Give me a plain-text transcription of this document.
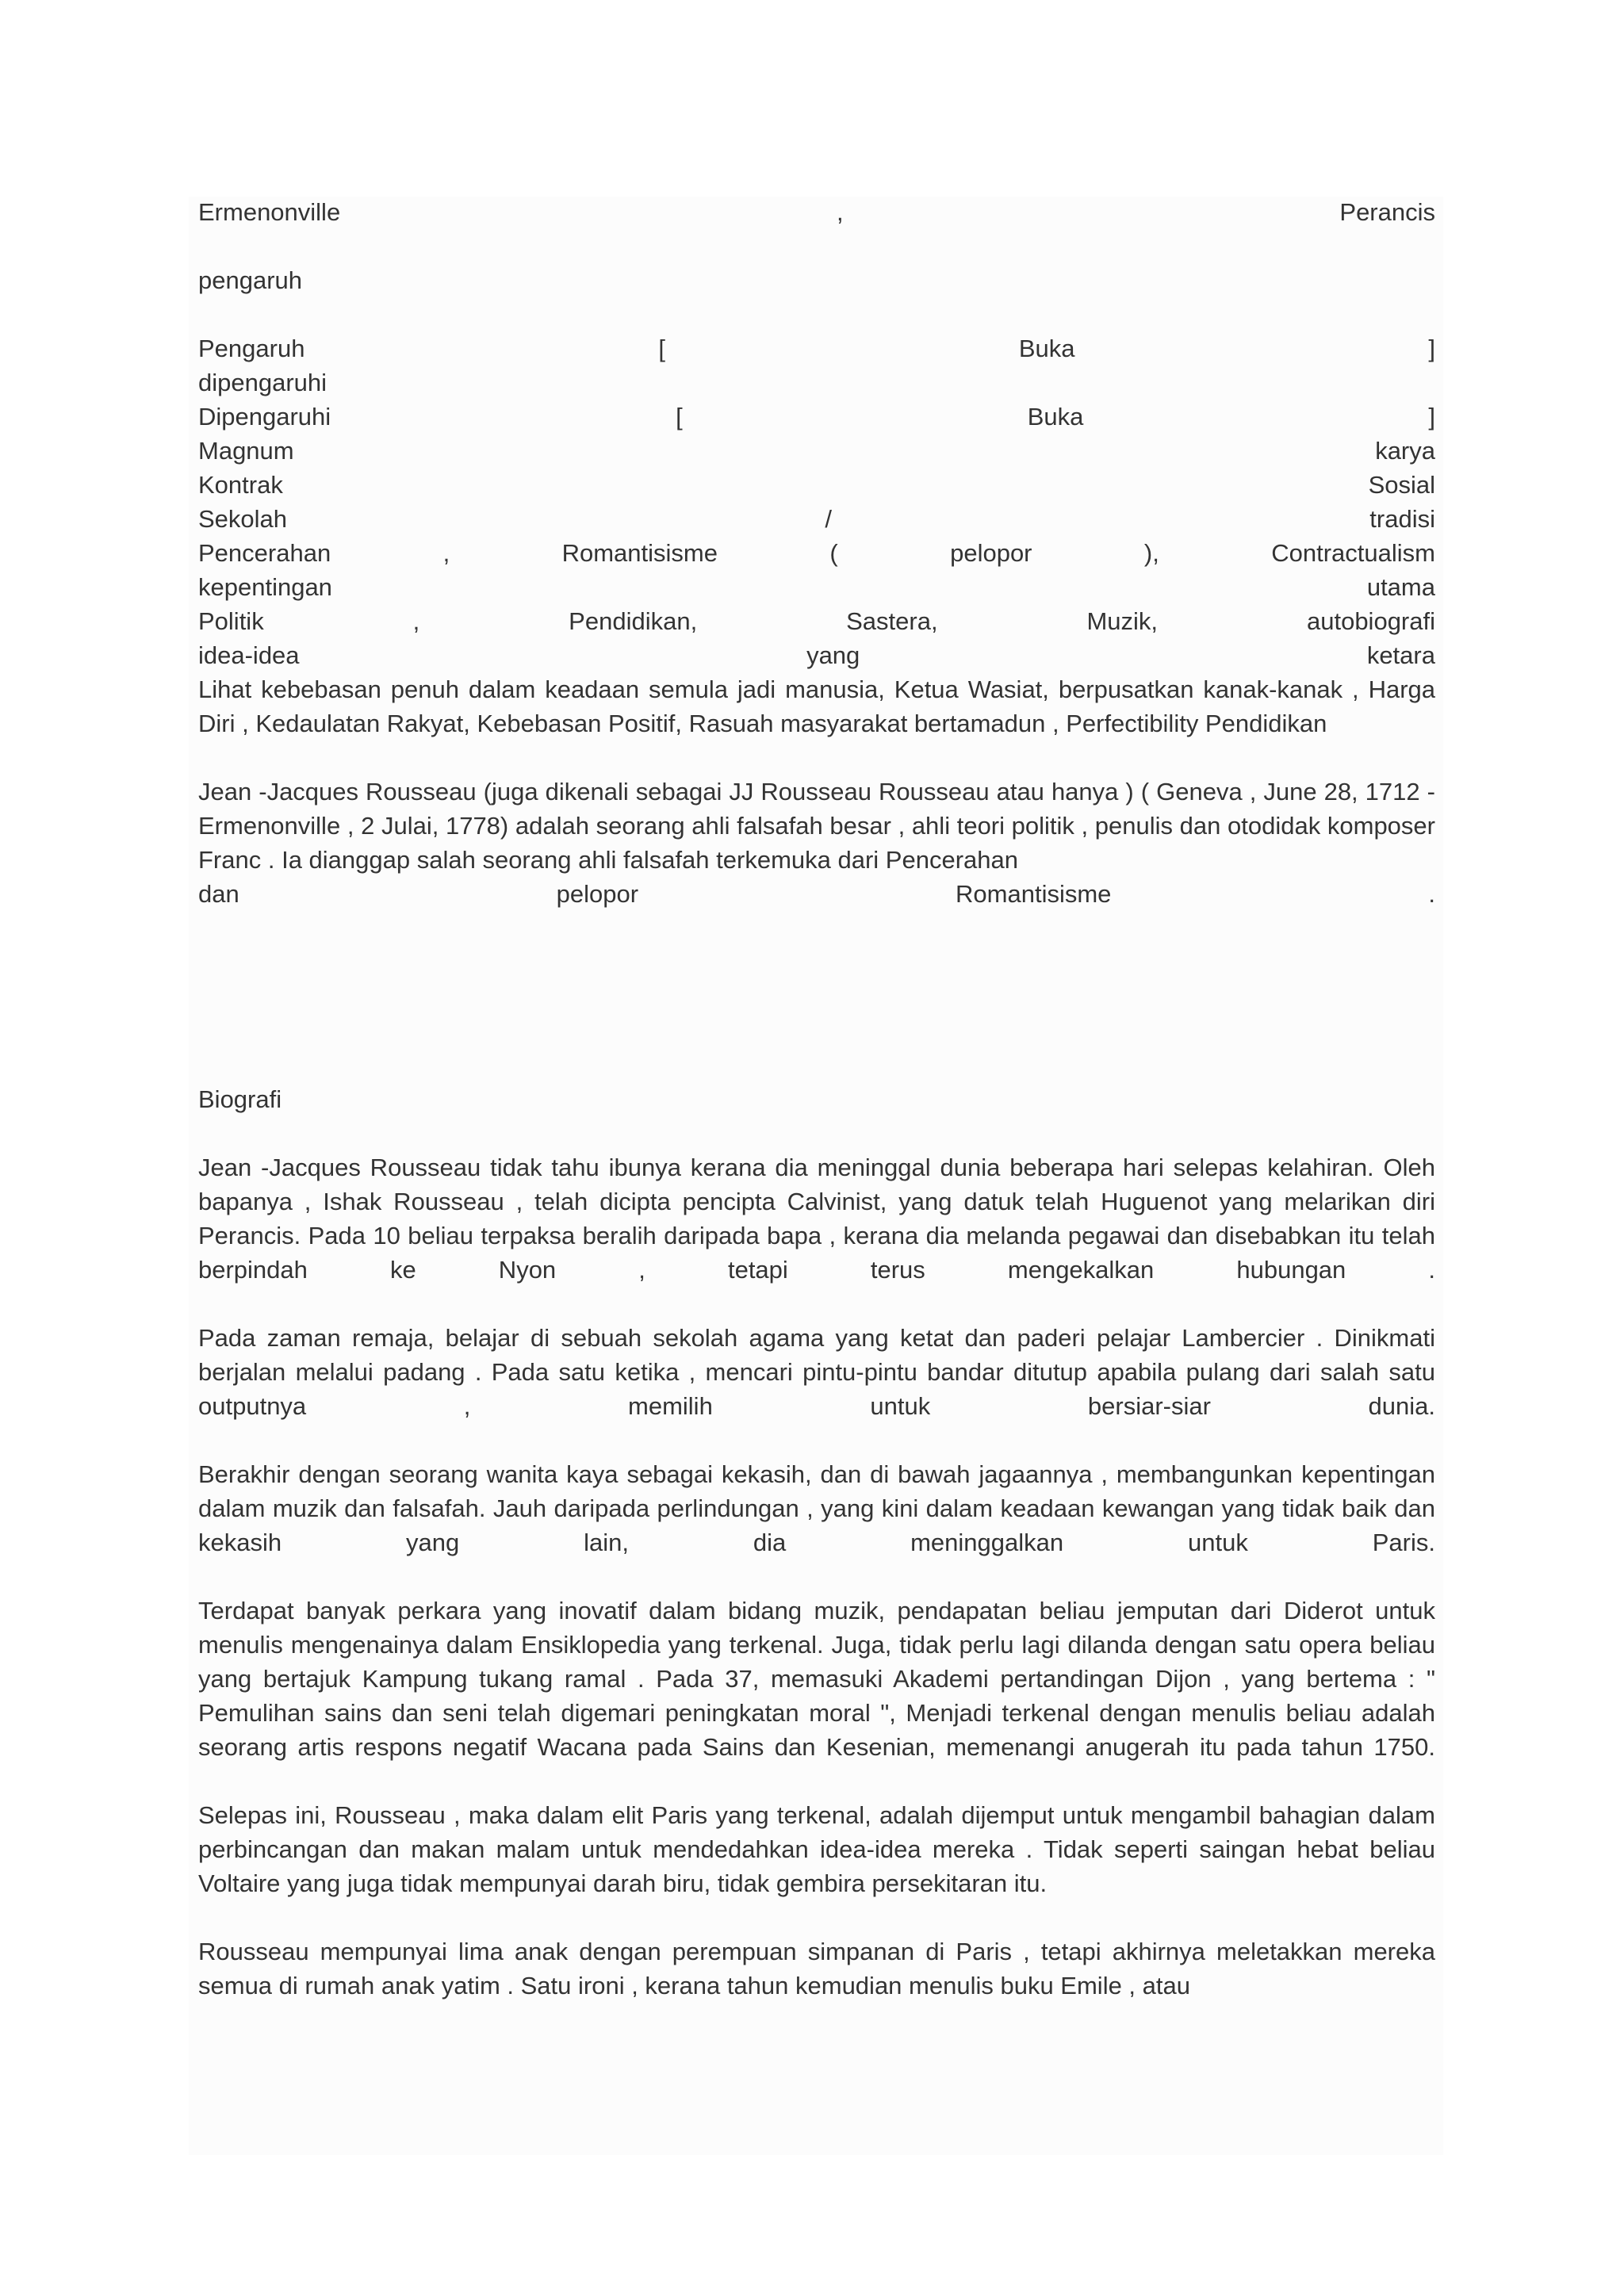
Ermenonville	,	Perancis
pengaruh
Pengaruh	[	Buka	]
dipengaruhi
Dipengaruhi	[	Buka	]
Magnum	karya
Kontrak	Sosial
Sekolah	/	tradisi
Pencerahan	,	Romantisisme	(	pelopor	),	Contractualism
kepentingan	utama
Politik	,	Pendidikan,	Sastera,	Muzik,	autobiografi
idea-idea	yang	ketara

Lihat kebebasan penuh dalam keadaan semula jadi manusia, Ketua Wasiat, berpusatkan kanak-kanak , Harga Diri , Kedaulatan Rakyat, Kebebasan Positif, Rasuah masyarakat bertamadun , Perfectibility Pendidikan

Jean -Jacques Rousseau (juga dikenali sebagai JJ Rousseau Rousseau atau hanya ) ( Geneva , June 28, 1712 - Ermenonville , 2 Julai, 1778) adalah seorang ahli falsafah besar , ahli teori politik , penulis dan otodidak komposer Franc . Ia dianggap salah seorang ahli falsafah terkemuka dari Pencerahan

dan	pelopor	Romantisisme	.
Biografi

Jean -Jacques Rousseau tidak tahu ibunya kerana dia meninggal dunia beberapa hari selepas kelahiran. Oleh bapanya , Ishak Rousseau , telah dicipta pencipta Calvinist, yang datuk telah Huguenot yang melarikan diri Perancis. Pada 10 beliau terpaksa beralih daripada bapa , kerana dia melanda pegawai dan disebabkan itu telah berpindah ke Nyon , tetapi terus mengekalkan hubungan .

Pada zaman remaja, belajar di sebuah sekolah agama yang ketat dan paderi pelajar Lambercier . Dinikmati berjalan melalui padang . Pada satu ketika , mencari pintu-pintu bandar ditutup apabila pulang dari salah satu outputnya , memilih untuk bersiar-siar dunia.

Berakhir dengan seorang wanita kaya sebagai kekasih, dan di bawah jagaannya , membangunkan kepentingan dalam muzik dan falsafah. Jauh daripada perlindungan , yang kini dalam keadaan kewangan yang tidak baik dan kekasih yang lain, dia meninggalkan untuk Paris.

Terdapat banyak perkara yang inovatif dalam bidang muzik, pendapatan beliau jemputan dari Diderot untuk menulis mengenainya dalam Ensiklopedia yang terkenal. Juga, tidak perlu lagi dilanda dengan satu opera beliau yang bertajuk Kampung tukang ramal . Pada 37, memasuki Akademi pertandingan Dijon , yang bertema : " Pemulihan sains dan seni telah digemari peningkatan moral ", Menjadi terkenal dengan menulis beliau adalah seorang artis respons negatif Wacana pada Sains dan Kesenian, memenangi anugerah itu pada tahun 1750.

Selepas ini, Rousseau , maka dalam elit Paris yang terkenal, adalah dijemput untuk mengambil bahagian dalam perbincangan dan makan malam untuk mendedahkan idea-idea mereka . Tidak seperti saingan hebat beliau Voltaire yang juga tidak mempunyai darah biru, tidak gembira persekitaran itu.

Rousseau mempunyai lima anak dengan perempuan simpanan di Paris , tetapi akhirnya meletakkan mereka semua di rumah anak yatim . Satu ironi , kerana tahun kemudian menulis buku Emile , atau
